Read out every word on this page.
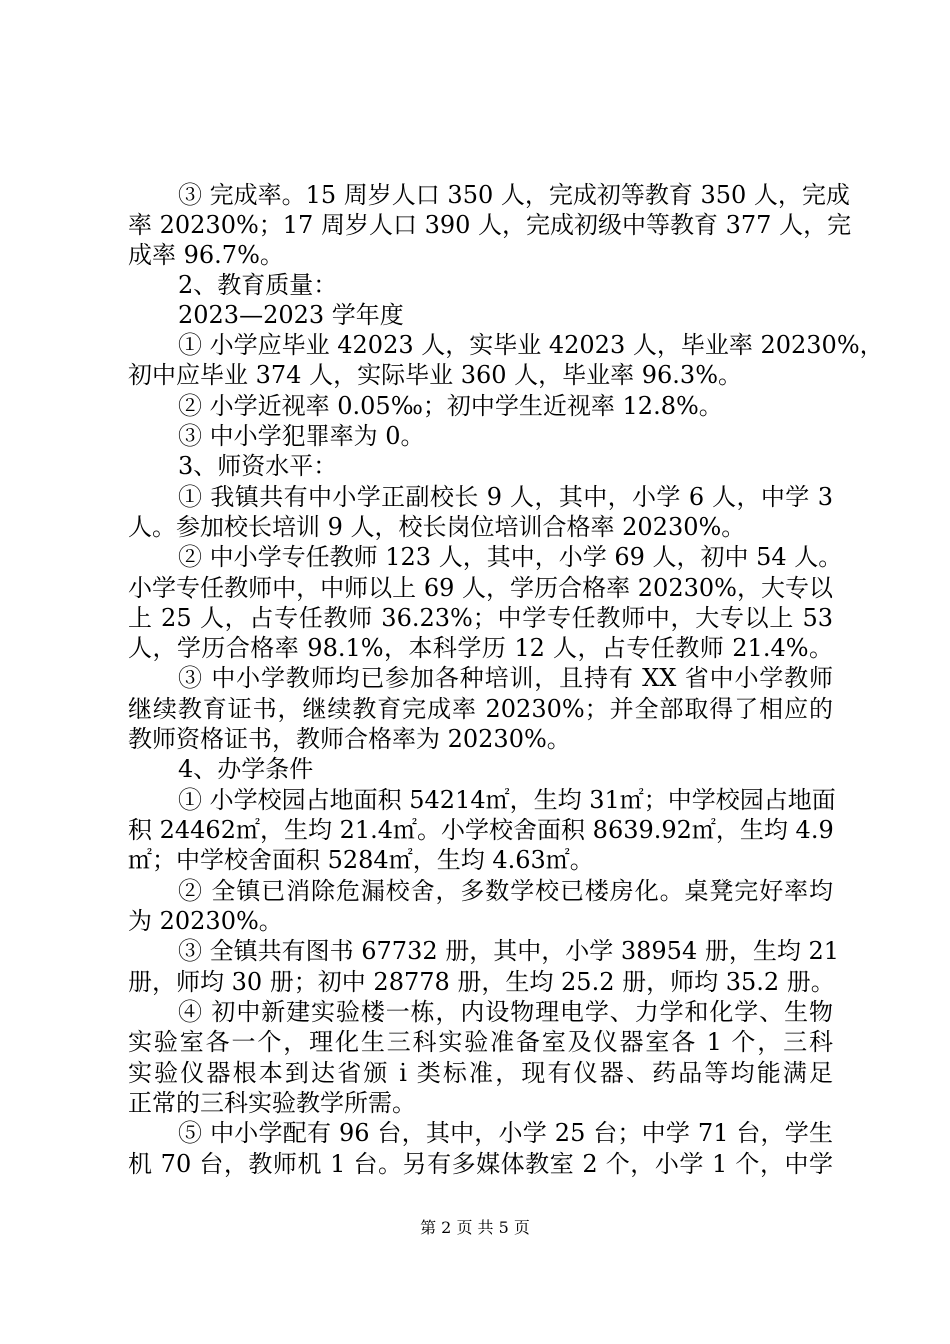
③ 完成率。15 周岁人口 350 人，完成初等教育 350 人，完成
率 20230%；17 周岁人口 390 人，完成初级中等教育 377 人，完
成率 96.7%。
2、教育质量：
2023—2023 学年度
① 小学应毕业 42023 人，实毕业 42023 人，毕业率 20230%，
初中应毕业 374 人，实际毕业 360 人，毕业率 96.3%。
② 小学近视率 0.05‰；初中学生近视率 12.8%。
③ 中小学犯罪率为 0。
3、师资水平：
① 我镇共有中小学正副校长 9 人，其中，小学 6 人，中学 3
人。参加校长培训 9 人，校长岗位培训合格率 20230%。
② 中小学专任教师 123 人，其中，小学 69 人，初中 54 人。
小学专任教师中，中师以上 69 人，学历合格率 20230%，大专以
上 25 人，占专任教师 36.23%；中学专任教师中，大专以上 53
人，学历合格率 98.1%，本科学历 12 人，占专任教师 21.4%。
③ 中小学教师均已参加各种培训，且持有 XX 省中小学教师
继续教育证书，继续教育完成率 20230%；并全部取得了相应的
教师资格证书，教师合格率为 20230%。
4、办学条件
① 小学校园占地面积 54214㎡，生均 31㎡；中学校园占地面
积 24462㎡，生均 21.4㎡。小学校舍面积 8639.92㎡，生均 4.9
㎡；中学校舍面积 5284㎡，生均 4.63㎡。
② 全镇已消除危漏校舍，多数学校已楼房化。桌凳完好率均
为 20230%。
③ 全镇共有图书 67732 册，其中，小学 38954 册，生均 21
册，师均 30 册；初中 28778 册，生均 25.2 册，师均 35.2 册。
④ 初中新建实验楼一栋，内设物理电学、力学和化学、生物
实验室各一个，理化生三科实验准备室及仪器室各 1 个，三科
实验仪器根本到达省颁 i 类标准，现有仪器、药品等均能满足
正常的三科实验教学所需。
⑤ 中小学配有 96 台，其中，小学 25 台；中学 71 台，学生
机 70 台，教师机 1 台。另有多媒体教室 2 个，小学 1 个，中学
第 2 页 共 5 页
